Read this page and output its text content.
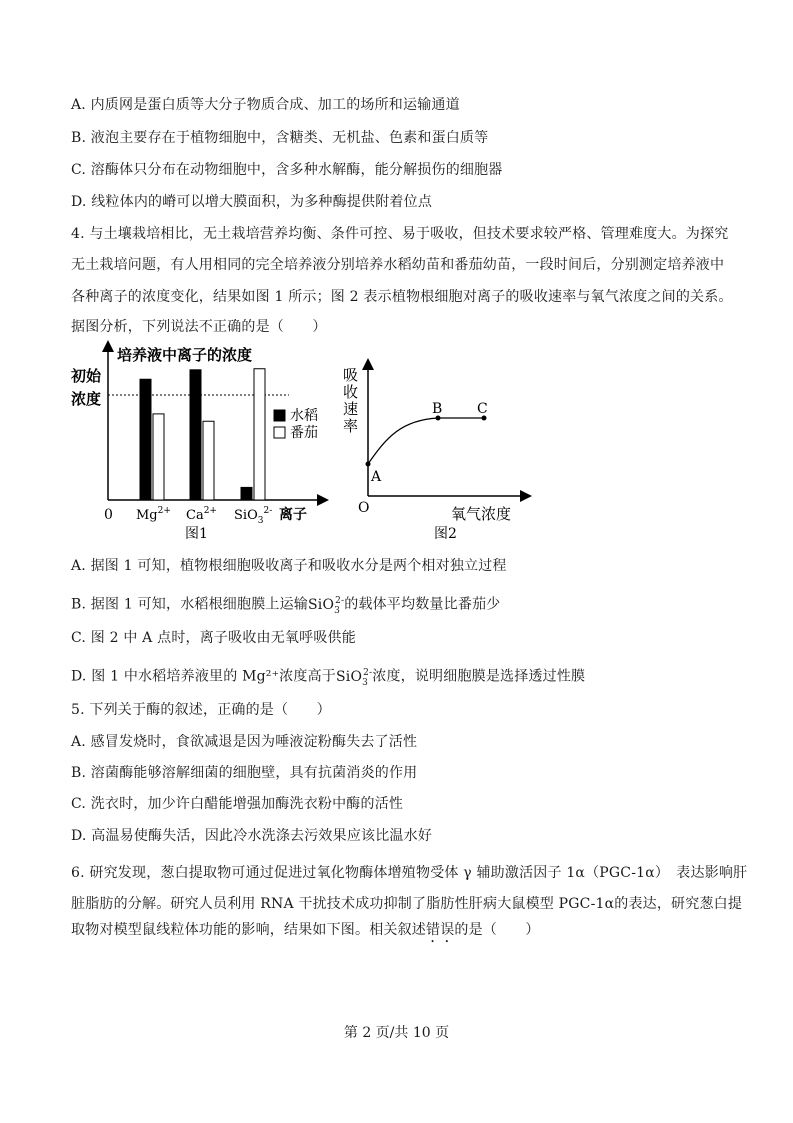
A. 内质网是蛋白质等大分子物质合成、加工的场所和运输通道
B. 液泡主要存在于植物细胞中，含糖类、无机盐、色素和蛋白质等
C. 溶酶体只分布在动物细胞中，含多种水解酶，能分解损伤的细胞器
D. 线粒体内的嵴可以增大膜面积，为多种酶提供附着位点
4. 与土壤栽培相比，无土栽培营养均衡、条件可控、易于吸收，但技术要求较严格、管理难度大。为探究
无土栽培问题，有人用相同的完全培养液分别培养水稻幼苗和番茄幼苗，一段时间后，分别测定培养液中
各种离子的浓度变化，结果如图 1 所示；图 2 表示植物根细胞对离子的吸收速率与氧气浓度之间的关系。
据图分析，下列说法不正确的是（　　）
培养液中离子的浓度
初始
浓度
0 $Mg^{2+}$ $Ca^{2+}$ SiO$_3^{2-}$ 离子
图1
水稻
番茄
A
B C
O	氧气浓度
图2
吸收速率
A. 据图 1 可知，植物根细胞吸收离子和吸收水分是两个相对独立过程
B. 据图 1 可知，水稻根细胞膜上运输SiO$_3^{2-}$的载体平均数量比番茄少
C. 图 2 中 A 点时，离子吸收由无氧呼吸供能
D. 图 1 中水稻培养液里的 Mg²⁺浓度高于SiO$_3^{2-}$浓度，说明细胞膜是选择透过性膜
5. 下列关于酶的叙述，正确的是（　　）
A. 感冒发烧时，食欲减退是因为唾液淀粉酶失去了活性
B. 溶菌酶能够溶解细菌的细胞壁，具有抗菌消炎的作用
C. 洗衣时，加少许白醋能增强加酶洗衣粉中酶的活性
D. 高温易使酶失活，因此冷水洗涤去污效果应该比温水好
6. 研究发现，葱白提取物可通过促进过氧化物酶体增殖物受体 γ 辅助激活因子 1α（PGC-1α）　表达影响肝
脏脂肪的分解。研究人员利用 RNA 干扰技术成功抑制了脂肪性肝病大鼠模型 PGC-1α的表达，研究葱白提
取物对模型鼠线粒体功能的影响，结果如下图。相关叙述错误的是（　　）
第 2 页/共 10 页
